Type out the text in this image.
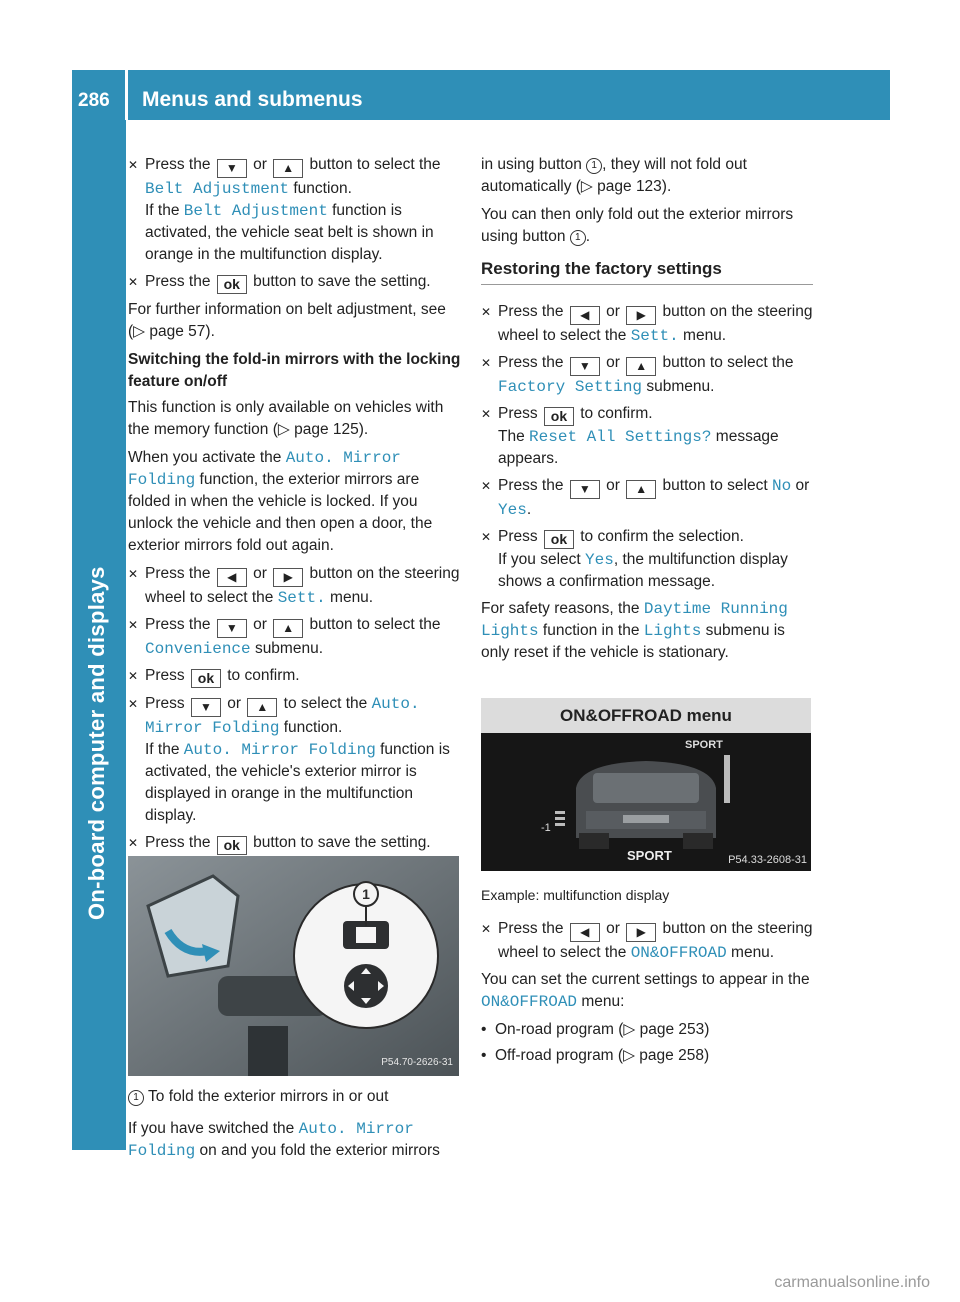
286 Menus and submenus
On-board computer and displays
✕ Press the ▼ or ▲ button to select the Belt Adjustment function.
If the Belt Adjustment function is activated, the vehicle seat belt is shown in orange in the multifunction display.
✕ Press the ok button to save the setting.

For further information on belt adjustment, see (▷ page 57).

Switching the fold-in mirrors with the locking feature on/off

This function is only available on vehicles with the memory function (▷ page 125).

When you activate the Auto. Mirror Folding function, the exterior mirrors are folded in when the vehicle is locked. If you unlock the vehicle and then open a door, the exterior mirrors fold out again.

✕ Press the ◀ or ▶ button on the steering wheel to select the Sett. menu.
✕ Press the ▼ or ▲ button to select the Convenience submenu.
✕ Press ok to confirm.
✕ Press ▼ or ▲ to select the Auto. Mirror Folding function.
If the Auto. Mirror Folding function is activated, the vehicle's exterior mirror is displayed in orange in the multifunction display.
✕ Press the ok button to save the setting.
1
P54.70-2626-31

1 To fold the exterior mirrors in or out

If you have switched the Auto. Mirror Folding on and you fold the exterior mirrors

in using button 1 , they will not fold out automatically (▷ page 123).

You can then only fold out the exterior mirrors using button 1 .

Restoring the factory settings
✕ Press the ◀ or ▶ button on the steering wheel to select the Sett. menu.
✕ Press the ▼ or ▲ button to select the Factory Setting submenu.
✕ Press ok to confirm.
The Reset All Settings? message appears.
✕ Press the ▼ or ▲ button to select No or Yes.
✕ Press ok to confirm the selection.
If you select Yes, the multifunction display shows a confirmation message.

For safety reasons, the Daytime Running Lights function in the Lights submenu is only reset if the vehicle is stationary.

ON&OFFROAD menu
SPORT
-1
SPORT	P54.33-2608-31
Example: multifunction display
✕ Press the ◀ or ▶ button on the steering wheel to select the ON&OFFROAD menu.

You can set the current settings to appear in the ON&OFFROAD menu:

• On-road program (▷ page 253)
• Off-road program (▷ page 258)
carmanualsonline.info
